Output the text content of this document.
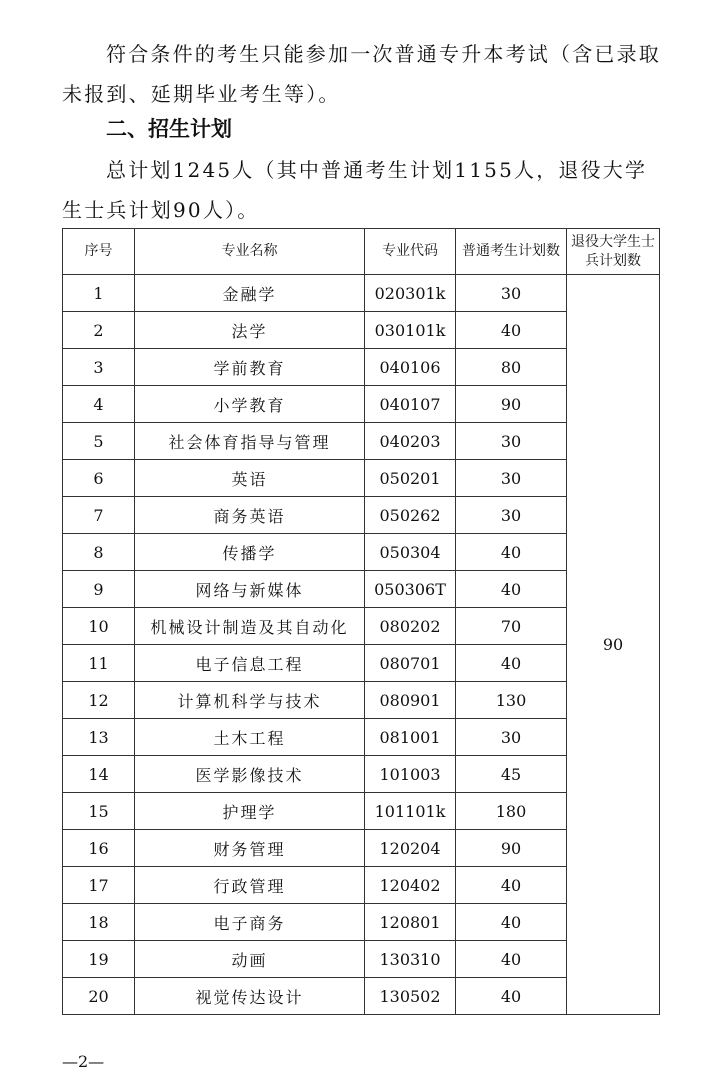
符合条件的考生只能参加一次普通专升本考试（含已录取未报到、延期毕业考生等）。

二、招生计划

总计划1245人（其中普通考生计划1155人，退役大学生士兵计划90人）。

序号	专业名称	专业代码	普通考生计划数	退役大学生士兵计划数
1	金融学	020301k	30	90
2	法学	030101k	40	
3	学前教育	040106	80	
4	小学教育	040107	90	
5	社会体育指导与管理	040203	30	
6	英语	050201	30	
7	商务英语	050262	30	
8	传播学	050304	40	
9	网络与新媒体	050306T	40	
10	机械设计制造及其自动化	080202	70	
11	电子信息工程	080701	40	
12	计算机科学与技术	080901	130	
13	土木工程	081001	30	
14	医学影像技术	101003	45	
15	护理学	101101k	180	
16	财务管理	120204	90	
17	行政管理	120402	40	
18	电子商务	120801	40	
19	动画	130310	40	
20	视觉传达设计	130502	40	
—2—
